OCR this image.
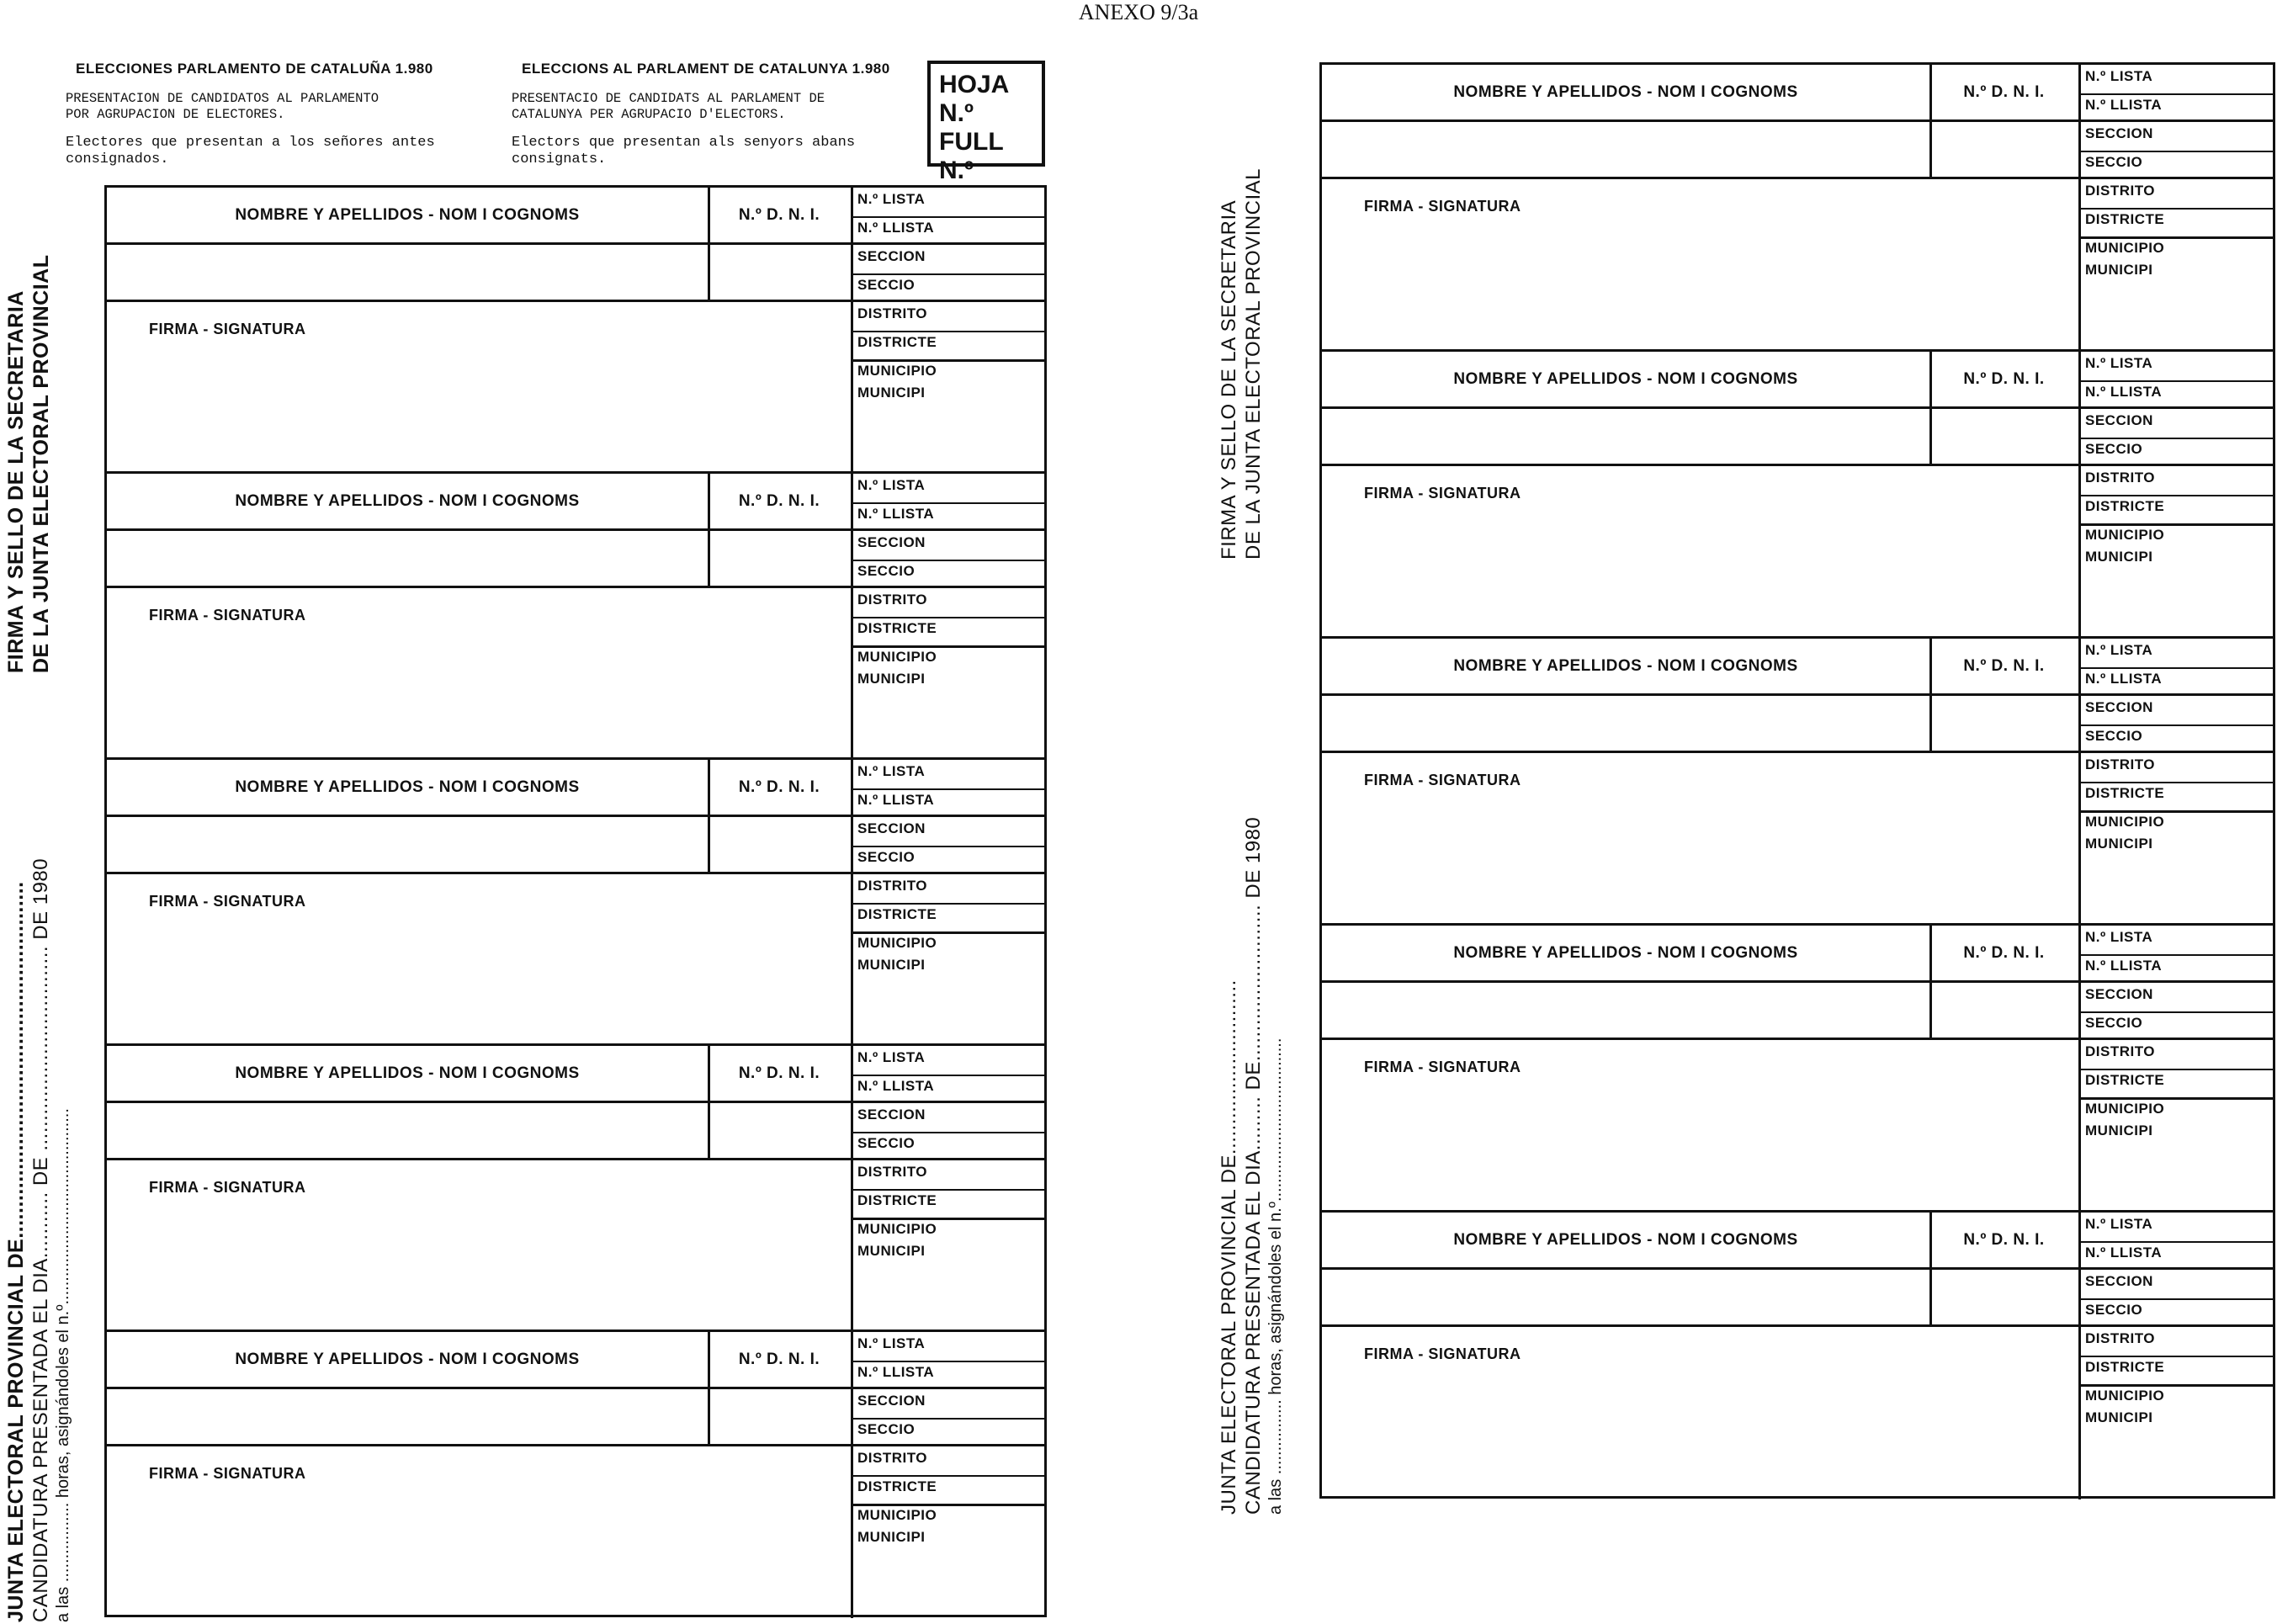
ANEXO 9/3a
ELECCIONES PARLAMENTO DE CATALUÑA 1.980	ELECCIONS AL PARLAMENT DE CATALUNYA 1.980
PRESENTACION DE CANDIDATOS AL PARLAMENTO
POR AGRUPACION DE ELECTORES.
PRESENTACIO DE CANDIDATS AL PARLAMENT DE
CATALUNYA PER AGRUPACIO D'ELECTORS.
Electores que presentan a los señores antes
consignados.
Electors que presentan als senyors abans
consignats.
HOJA N.º
FULL N.º
FIRMA Y SELLO DE LA SECRETARIA DE LA JUNTA ELECTORAL PROVINCIAL
JUNTA ELECTORAL PROVINCIAL DE......................................................... CANDIDATURA PRESENTADA EL DIA........... DE .................................. DE 1980 a las ................. horas, asignándoles el n.º..........................................
FIRMA Y SELLO DE LA SECRETARIA DE LA JUNTA ELECTORAL PROVINCIAL
JUNTA ELECTORAL PROVINCIAL DE............................. CANDIDATURA PRESENTADA EL DIA......... DE.......................... DE 1980 a las ................ horas, asignándoles el n.º...................................
NOMBRE Y APELLIDOS - NOM I COGNOMS	N.º D. N. I.
N.º LISTA
N.º LLISTA
SECCION
SECCIO
DISTRITO
DISTRICTE
MUNICIPIO
MUNICIPI
FIRMA - SIGNATURA
NOMBRE Y APELLIDOS - NOM I COGNOMS	N.º D. N. I.
N.º LISTA
N.º LLISTA
SECCION
SECCIO
DISTRITO
DISTRICTE
MUNICIPIO
MUNICIPI
FIRMA - SIGNATURA
NOMBRE Y APELLIDOS - NOM I COGNOMS	N.º D. N. I.
N.º LISTA
N.º LLISTA
SECCION
SECCIO
DISTRITO
DISTRICTE
MUNICIPIO
MUNICIPI
FIRMA - SIGNATURA
NOMBRE Y APELLIDOS - NOM I COGNOMS	N.º D. N. I.
N.º LISTA
N.º LLISTA
SECCION
SECCIO
DISTRITO
DISTRICTE
MUNICIPIO
MUNICIPI
FIRMA - SIGNATURA
NOMBRE Y APELLIDOS - NOM I COGNOMS	N.º D. N. I.
N.º LISTA
N.º LLISTA
SECCION
SECCIO
DISTRITO
DISTRICTE
MUNICIPIO
MUNICIPI
FIRMA - SIGNATURA
NOMBRE Y APELLIDOS - NOM I COGNOMS	N.º D. N. I.
N.º LISTA
N.º LLISTA
SECCION
SECCIO
DISTRITO
DISTRICTE
MUNICIPIO
MUNICIPI
FIRMA - SIGNATURA
NOMBRE Y APELLIDOS - NOM I COGNOMS	N.º D. N. I.
N.º LISTA
N.º LLISTA
SECCION
SECCIO
DISTRITO
DISTRICTE
MUNICIPIO
MUNICIPI
FIRMA - SIGNATURA
NOMBRE Y APELLIDOS - NOM I COGNOMS	N.º D. N. I.
N.º LISTA
N.º LLISTA
SECCION
SECCIO
DISTRITO
DISTRICTE
MUNICIPIO
MUNICIPI
FIRMA - SIGNATURA
NOMBRE Y APELLIDOS - NOM I COGNOMS	N.º D. N. I.
N.º LISTA
N.º LLISTA
SECCION
SECCIO
DISTRITO
DISTRICTE
MUNICIPIO
MUNICIPI
FIRMA - SIGNATURA
NOMBRE Y APELLIDOS - NOM I COGNOMS	N.º D. N. I.
N.º LISTA
N.º LLISTA
SECCION
SECCIO
DISTRITO
DISTRICTE
MUNICIPIO
MUNICIPI
FIRMA - SIGNATURA
